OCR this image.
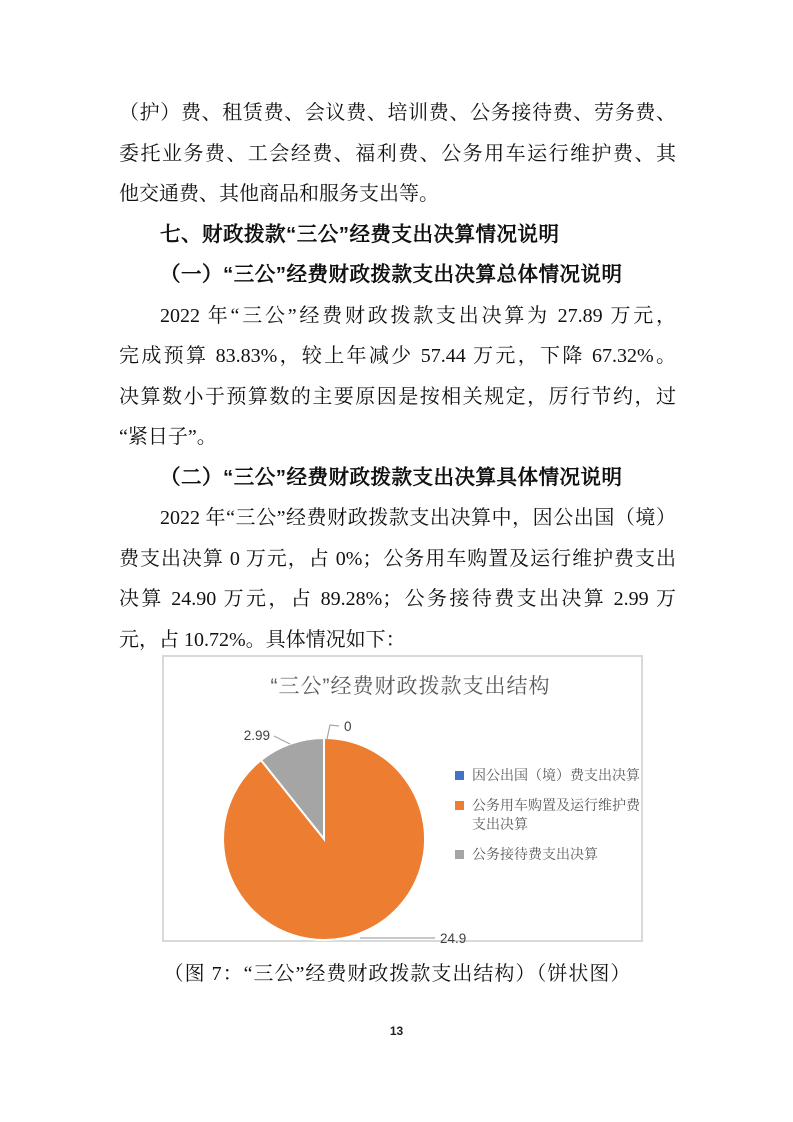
（护）费、租赁费、会议费、培训费、公务接待费、劳务费、
委托业务费、工会经费、福利费、公务用车运行维护费、其
他交通费、其他商品和服务支出等。
七、财政拨款“三公”经费支出决算情况说明
（一）“三公”经费财政拨款支出决算总体情况说明
2022 年“三公”经费财政拨款支出决算为 27.89 万元，
完成预算 83.83%，较上年减少 57.44 万元，下降 67.32%。
决算数小于预算数的主要原因是按相关规定，厉行节约，过
“紧日子”。
（二）“三公”经费财政拨款支出决算具体情况说明
2022 年“三公”经费财政拨款支出决算中，因公出国（境）
费支出决算 0 万元，占 0%；公务用车购置及运行维护费支出
决算 24.90 万元，占 89.28%；公务接待费支出决算 2.99 万
元，占 10.72%。具体情况如下：
“三公”经费财政拨款支出结构
0
24.9
2.99
因公出国（境）费支出决算
公务用车购置及运行维护费支出决算
公务接待费支出决算
（图 7：“三公”经费财政拨款支出结构）（饼状图）
13
